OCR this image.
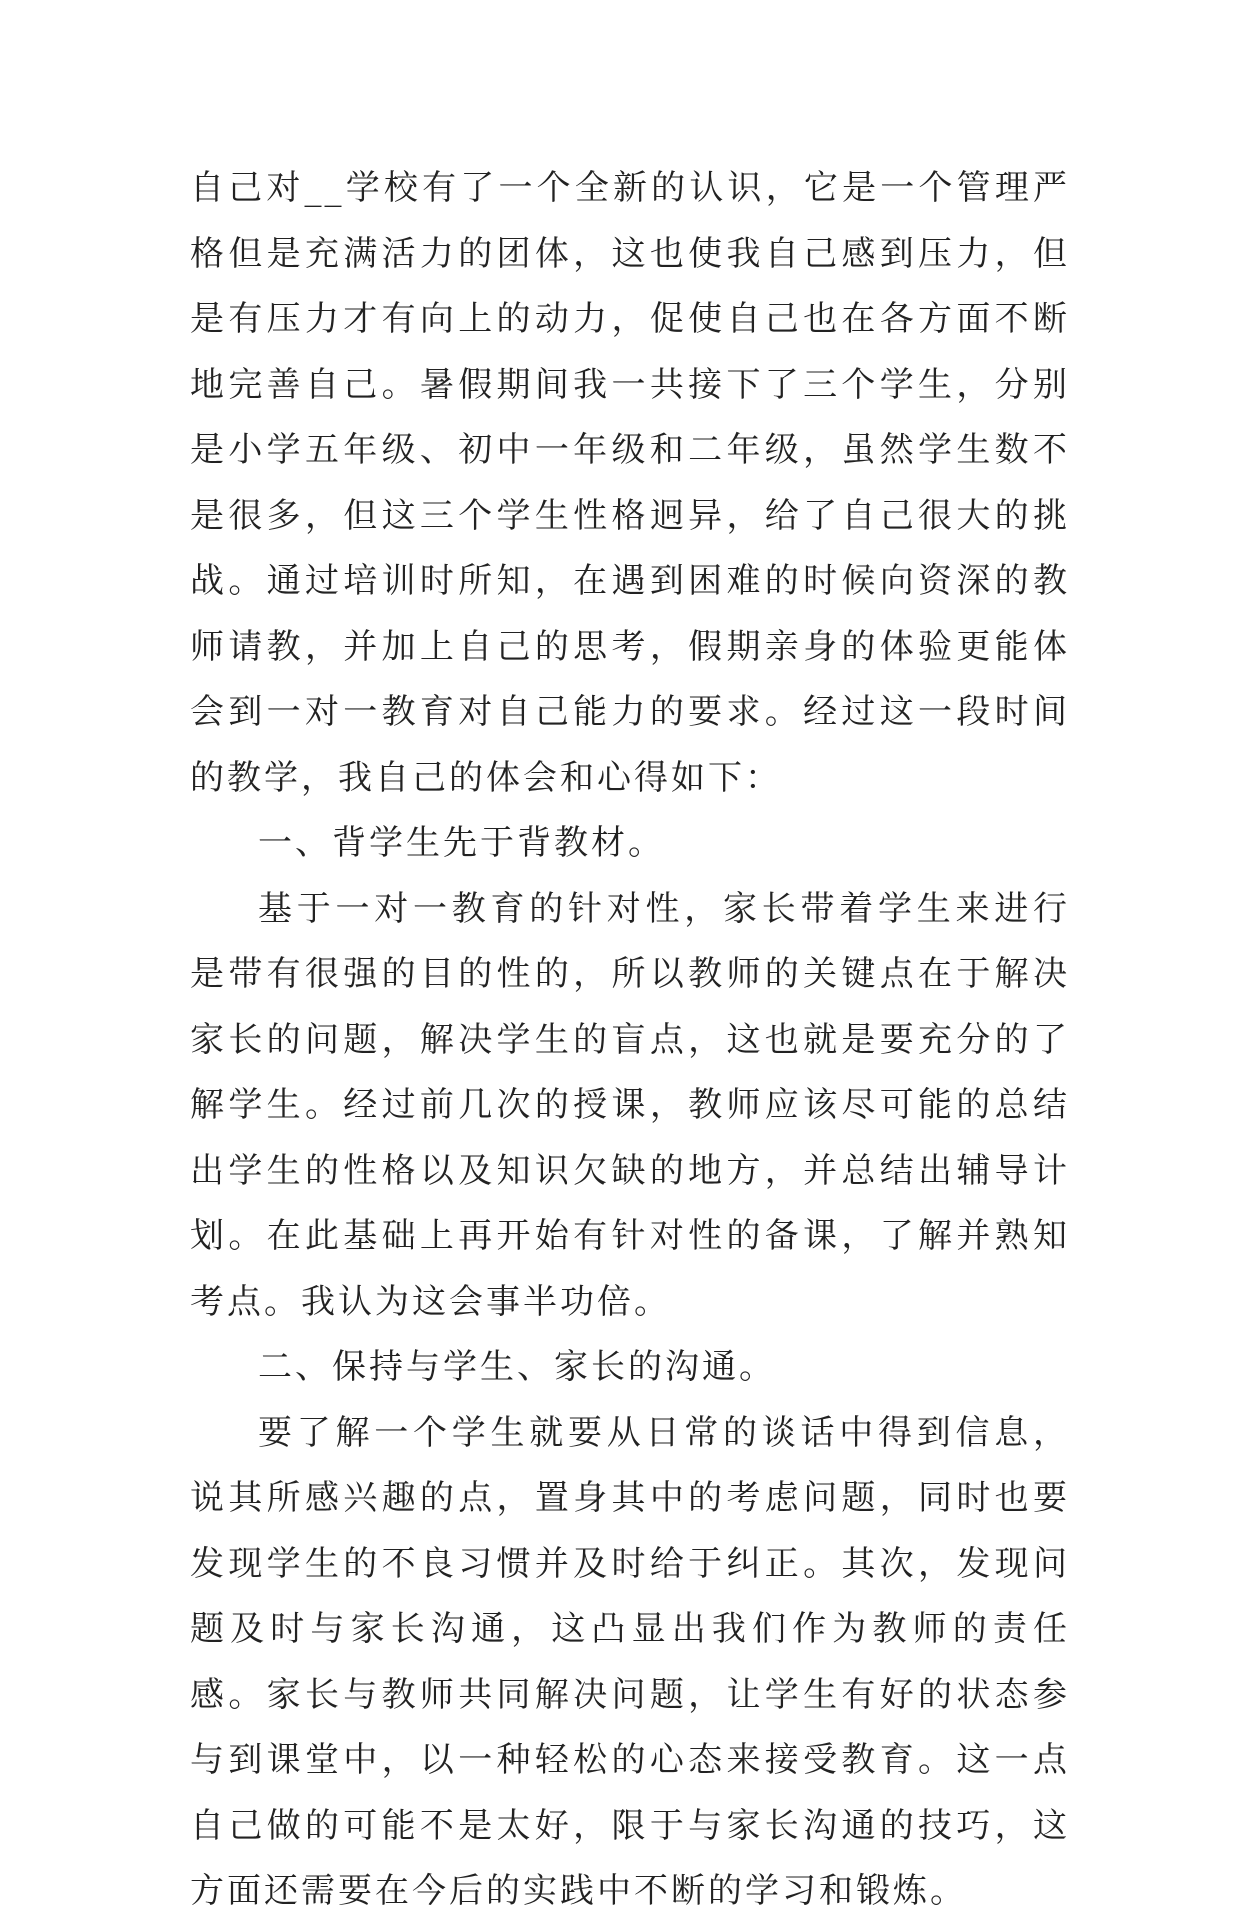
自己对__学校有了一个全新的认识，它是一个管理严格但是充满活力的团体，这也使我自己感到压力，但是有压力才有向上的动力，促使自己也在各方面不断地完善自己。暑假期间我一共接下了三个学生，分别是小学五年级、初中一年级和二年级，虽然学生数不是很多，但这三个学生性格迥异，给了自己很大的挑战。通过培训时所知，在遇到困难的时候向资深的教师请教，并加上自己的思考，假期亲身的体验更能体会到一对一教育对自己能力的要求。经过这一段时间的教学，我自己的体会和心得如下：

一、背学生先于背教材。

基于一对一教育的针对性，家长带着学生来进行是带有很强的目的性的，所以教师的关键点在于解决家长的问题，解决学生的盲点，这也就是要充分的了解学生。经过前几次的授课，教师应该尽可能的总结出学生的性格以及知识欠缺的地方，并总结出辅导计划。在此基础上再开始有针对性的备课，了解并熟知考点。我认为这会事半功倍。

二、保持与学生、家长的沟通。

要了解一个学生就要从日常的谈话中得到信息，说其所感兴趣的点，置身其中的考虑问题，同时也要发现学生的不良习惯并及时给于纠正。其次，发现问题及时与家长沟通，这凸显出我们作为教师的责任感。家长与教师共同解决问题，让学生有好的状态参与到课堂中，以一种轻松的心态来接受教育。这一点自己做的可能不是太好，限于与家长沟通的技巧，这方面还需要在今后的实践中不断的学习和锻炼。
